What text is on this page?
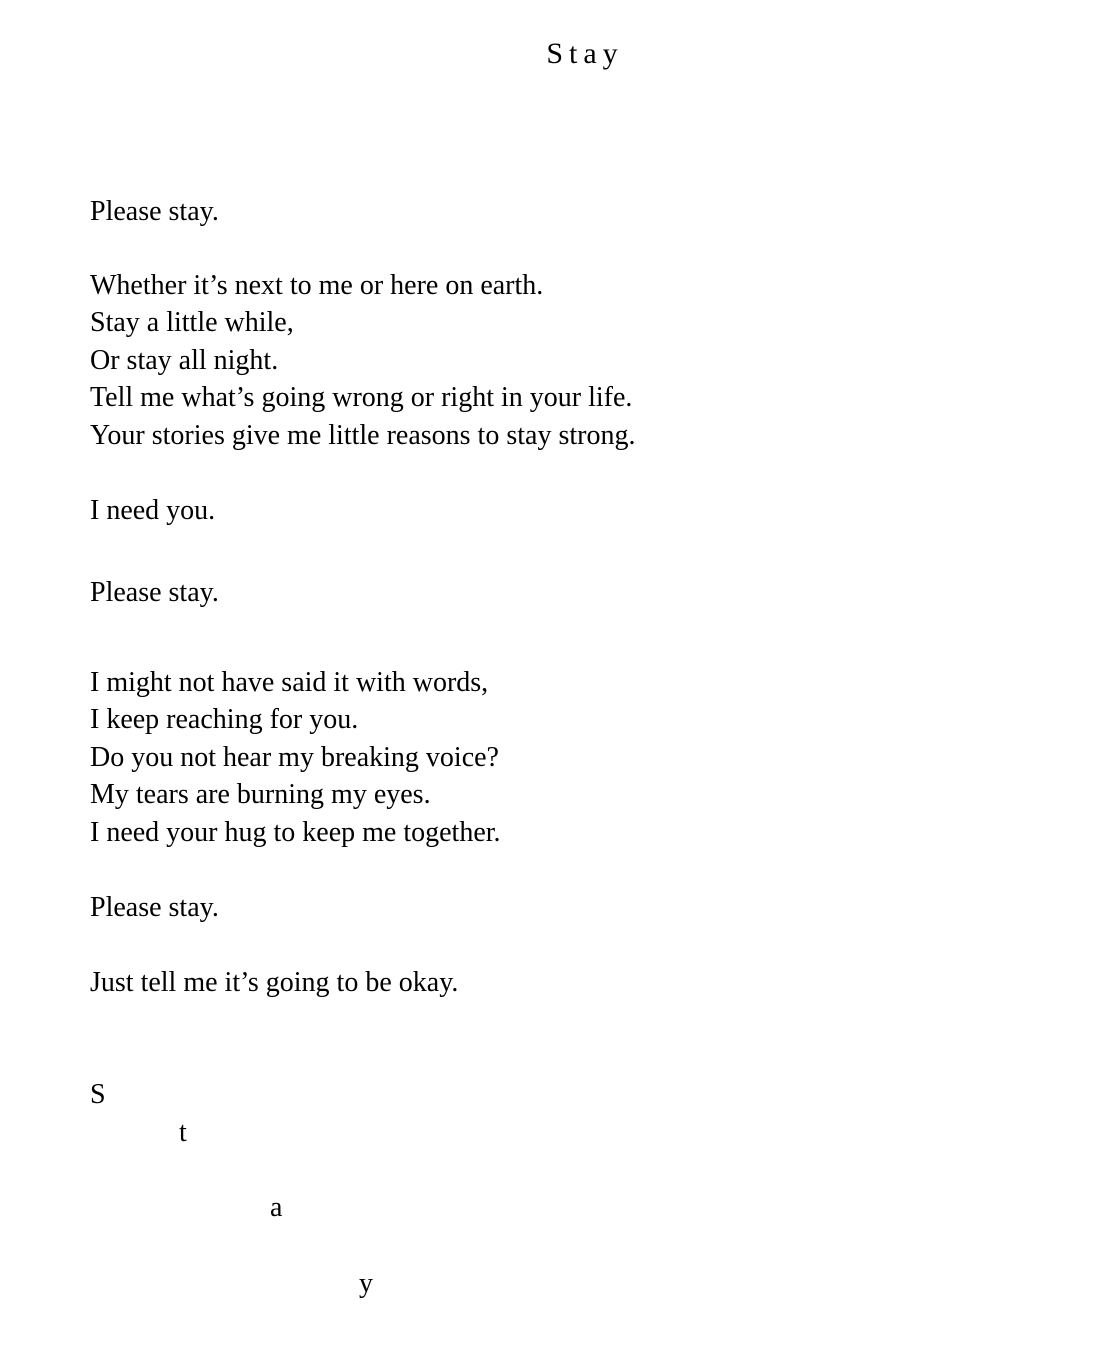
Stay
Please stay.
Whether it’s next to me or here on earth.
Stay a little while,
Or stay all night.
Tell me what’s going wrong or right in your life.
Your stories give me little reasons to stay strong.
I need you.
Please stay.
I might not have said it with words,
I keep reaching for you.
Do you not hear my breaking voice?
My tears are burning my eyes.
I need your hug to keep me together.
Please stay.
Just tell me it’s going to be okay.
S
t
a
y
